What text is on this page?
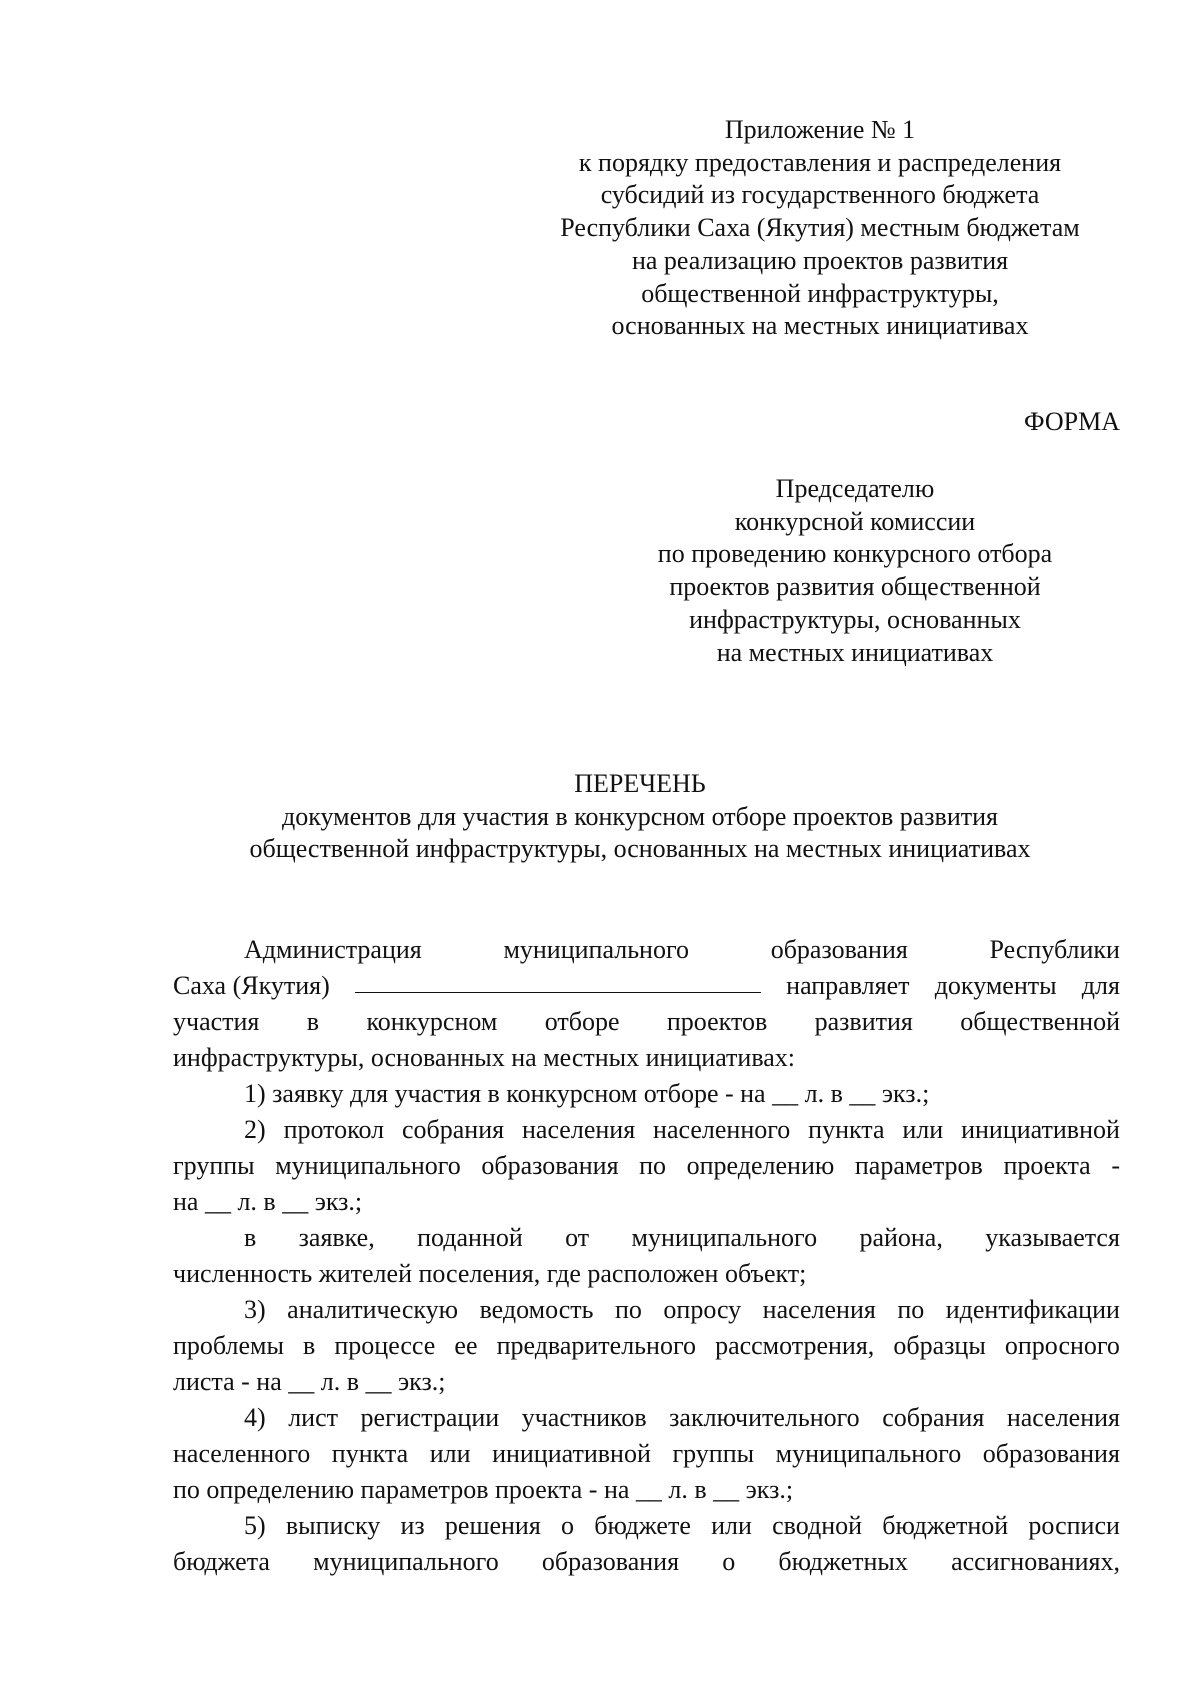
Приложение № 1
к порядку предоставления и распределения
субсидий из государственного бюджета
Республики Саха (Якутия) местным бюджетам
на реализацию проектов развития
общественной инфраструктуры,
основанных на местных инициативах
ФОРМА
Председателю
конкурсной комиссии
по проведению конкурсного отбора
проектов развития общественной
инфраструктуры, основанных
на местных инициативах
ПЕРЕЧЕНЬ
документов для участия в конкурсном отборе проектов развития
общественной инфраструктуры, основанных на местных инициативах
Администрация	муниципального	образования	Республики
Саха (Якутия)	направляет документы для
участия в конкурсном отборе проектов развития общественной
инфраструктуры, основанных на местных инициативах:
1) заявку для участия в конкурсном отборе - на __ л. в __ экз.;
2) протокол собрания населения населенного пункта или инициативной
группы муниципального образования по определению параметров проекта -
на __ л. в __ экз.;
в заявке, поданной от муниципального района, указывается
численность жителей поселения, где расположен объект;
3) аналитическую ведомость по опросу населения по идентификации
проблемы в процессе ее предварительного рассмотрения, образцы опросного
листа - на __ л. в __ экз.;
4) лист регистрации участников заключительного собрания населения
населенного пункта или инициативной группы муниципального образования
по определению параметров проекта - на __ л. в __ экз.;
5) выписку из решения о бюджете или сводной бюджетной росписи
бюджета муниципального образования о бюджетных ассигнованиях,
